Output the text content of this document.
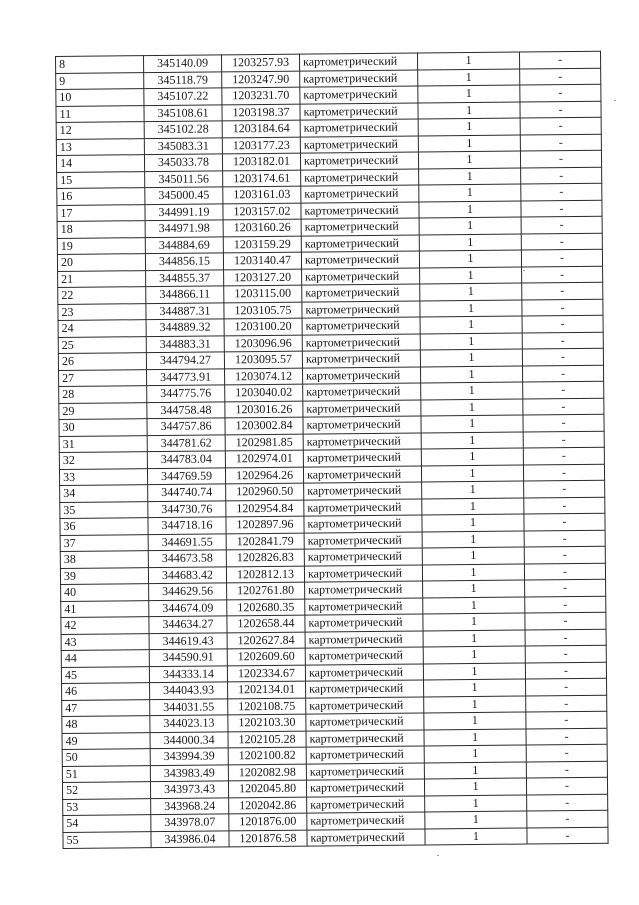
8	345140.09	1203257.93	картометрический	1	-
9	345118.79	1203247.90	картометрический	1	-
10	345107.22	1203231.70	картометрический	1	-
11	345108.61	1203198.37	картометрический	1	-
12	345102.28	1203184.64	картометрический	1	-
13	345083.31	1203177.23	картометрический	1	-
14	345033.78	1203182.01	картометрический	1	-
15	345011.56	1203174.61	картометрический	1	-
16	345000.45	1203161.03	картометрический	1	-
17	344991.19	1203157.02	картометрический	1	-
18	344971.98	1203160.26	картометрический	1	-
19	344884.69	1203159.29	картометрический	1	-
20	344856.15	1203140.47	картометрический	1	-
21	344855.37	1203127.20	картометрический	1	-
22	344866.11	1203115.00	картометрический	1	-
23	344887.31	1203105.75	картометрический	1	-
24	344889.32	1203100.20	картометрический	1	-
25	344883.31	1203096.96	картометрический	1	-
26	344794.27	1203095.57	картометрический	1	-
27	344773.91	1203074.12	картометрический	1	-
28	344775.76	1203040.02	картометрический	1	-
29	344758.48	1203016.26	картометрический	1	-
30	344757.86	1203002.84	картометрический	1	-
31	344781.62	1202981.85	картометрический	1	-
32	344783.04	1202974.01	картометрический	1	-
33	344769.59	1202964.26	картометрический	1	-
34	344740.74	1202960.50	картометрический	1	-
35	344730.76	1202954.84	картометрический	1	-
36	344718.16	1202897.96	картометрический	1	-
37	344691.55	1202841.79	картометрический	1	-
38	344673.58	1202826.83	картометрический	1	-
39	344683.42	1202812.13	картометрический	1	-
40	344629.56	1202761.80	картометрический	1	-
41	344674.09	1202680.35	картометрический	1	-
42	344634.27	1202658.44	картометрический	1	-
43	344619.43	1202627.84	картометрический	1	-
44	344590.91	1202609.60	картометрический	1	-
45	344333.14	1202334.67	картометрический	1	-
46	344043.93	1202134.01	картометрический	1	-
47	344031.55	1202108.75	картометрический	1	-
48	344023.13	1202103.30	картометрический	1	-
49	344000.34	1202105.28	картометрический	1	-
50	343994.39	1202100.82	картометрический	1	-
51	343983.49	1202082.98	картометрический	1	-
52	343973.43	1202045.80	картометрический	1	-
53	343968.24	1202042.86	картометрический	1	-
54	343978.07	1201876.00	картометрический	1	-
55	343986.04	1201876.58	картометрический	1	-
